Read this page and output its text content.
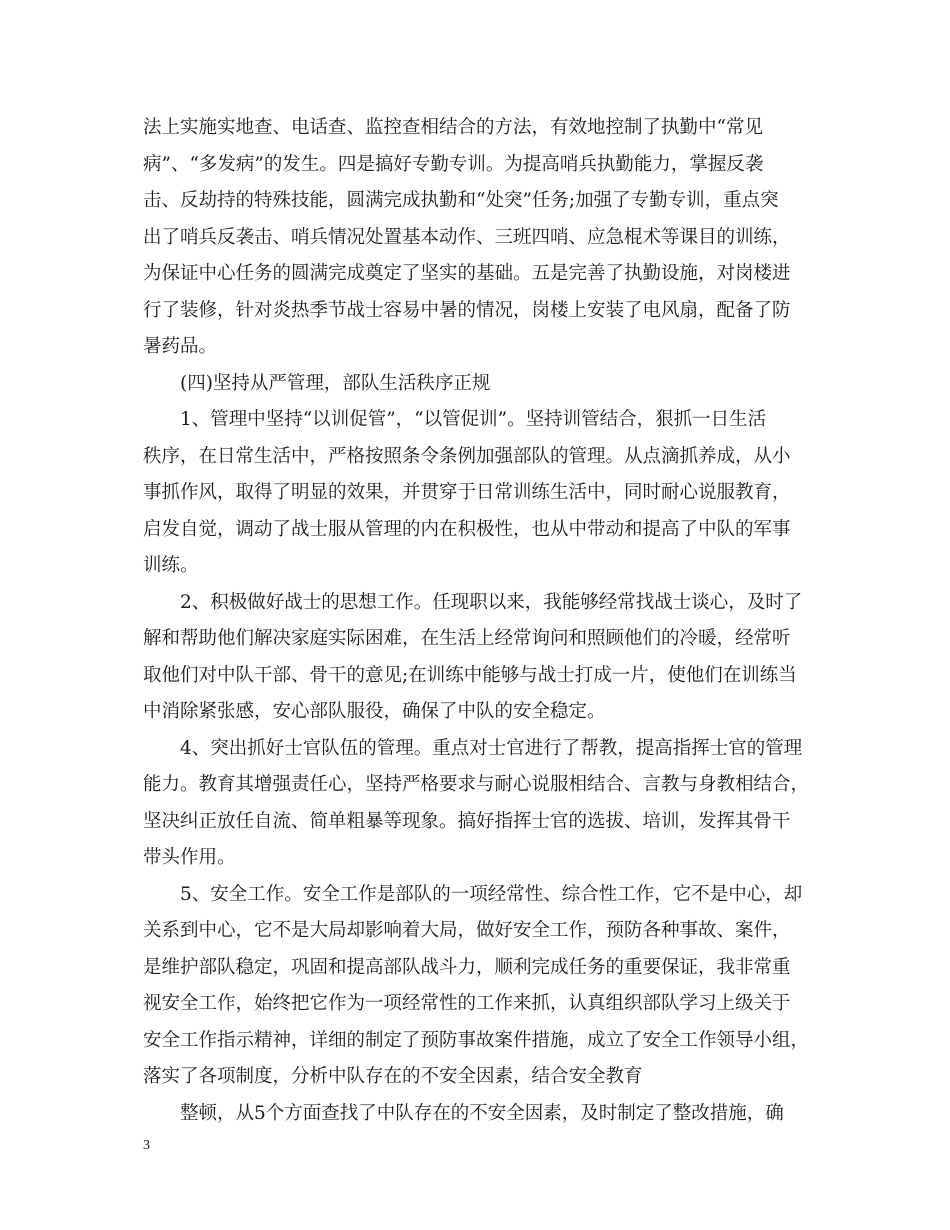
法上实施实地查、电话查、监控查相结合的方法，有效地控制了执勤中“常见
病”、“多发病”的发生。四是搞好专勤专训。为提高哨兵执勤能力，掌握反袭
击、反劫持的特殊技能，圆满完成执勤和“处突”任务;加强了专勤专训，重点突
出了哨兵反袭击、哨兵情况处置基本动作、三班四哨、应急棍术等课目的训练，
为保证中心任务的圆满完成奠定了坚实的基础。五是完善了执勤设施，对岗楼进
行了装修，针对炎热季节战士容易中暑的情况，岗楼上安装了电风扇，配备了防
暑药品。
(四)坚持从严管理，部队生活秩序正规
1、管理中坚持“以训促管”，“以管促训”。坚持训管结合，狠抓一日生活
秩序，在日常生活中，严格按照条令条例加强部队的管理。从点滴抓养成，从小
事抓作风，取得了明显的效果，并贯穿于日常训练生活中，同时耐心说服教育，
启发自觉，调动了战士服从管理的内在积极性，也从中带动和提高了中队的军事
训练。
2、积极做好战士的思想工作。任现职以来，我能够经常找战士谈心，及时了
解和帮助他们解决家庭实际困难，在生活上经常询问和照顾他们的冷暖，经常听
取他们对中队干部、骨干的意见;在训练中能够与战士打成一片，使他们在训练当
中消除紧张感，安心部队服役，确保了中队的安全稳定。
4、突出抓好士官队伍的管理。重点对士官进行了帮教，提高指挥士官的管理
能力。教育其增强责任心，坚持严格要求与耐心说服相结合、言教与身教相结合，
坚决纠正放任自流、简单粗暴等现象。搞好指挥士官的选拔、培训，发挥其骨干
带头作用。
5、安全工作。安全工作是部队的一项经常性、综合性工作，它不是中心，却
关系到中心，它不是大局却影响着大局，做好安全工作，预防各种事故、案件，
是维护部队稳定，巩固和提高部队战斗力，顺利完成任务的重要保证，我非常重
视安全工作，始终把它作为一项经常性的工作来抓，认真组织部队学习上级关于
安全工作指示精神，详细的制定了预防事故案件措施，成立了安全工作领导小组，
落实了各项制度，分析中队存在的不安全因素，结合安全教育
整顿，从5个方面查找了中队存在的不安全因素，及时制定了整改措施，确
3
